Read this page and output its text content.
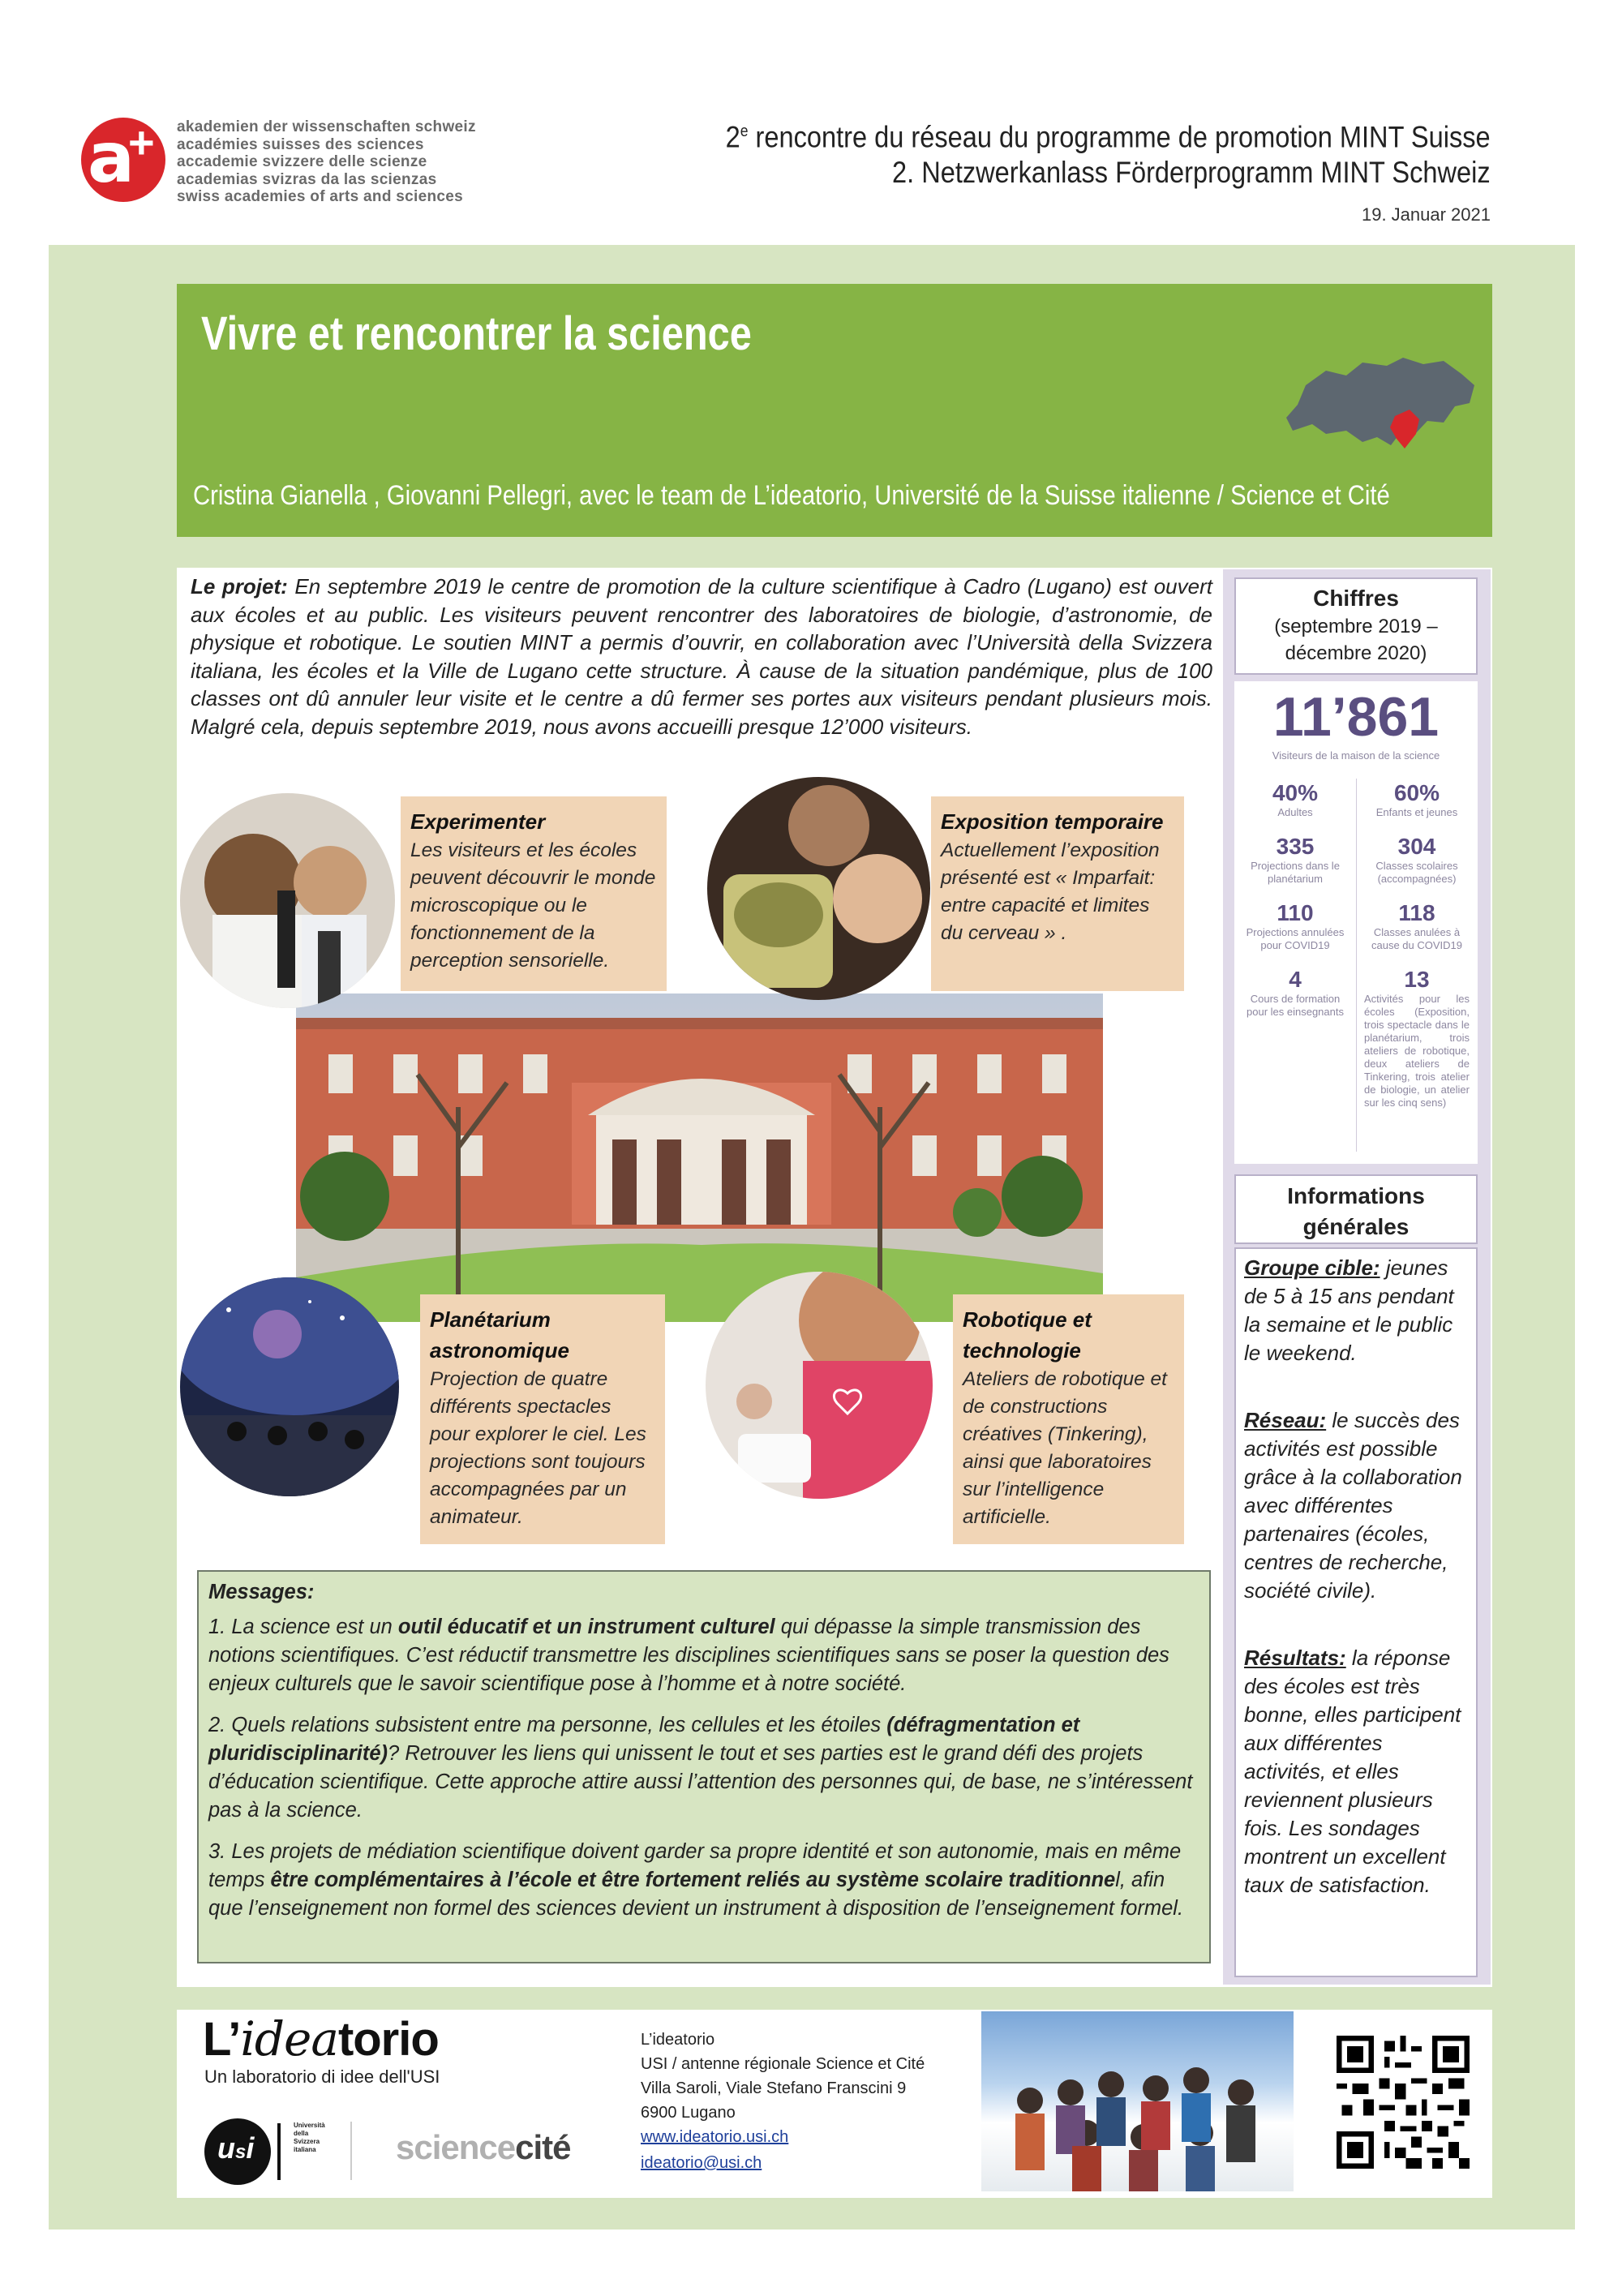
a
+ akademien der wissenschaften schweiz
académies suisses des sciences
accademie svizzere delle scienze
academias svizras da las scienzas
swiss academies of arts and sciences
2e rencontre du réseau du programme de promotion MINT Suisse
2. Netzwerkanlass Förderprogramm MINT Schweiz
19. Januar 2021
Vivre et rencontrer la science
Cristina Gianella , Giovanni Pellegri, avec le team de L’ideatorio, Université de la Suisse italienne / Science et Cité
Le projet: En septembre 2019 le centre de promotion de la culture scientifique à Cadro (Lugano) est ouvert aux écoles et au public. Les visiteurs peuvent rencontrer des laboratoires de biologie, d’astronomie, de physique et robotique. Le soutien MINT a permis d’ouvrir, en collaboration avec l’Università della Svizzera italiana, les écoles et la Ville de Lugano cette structure. À cause de la situation pandémique, plus de 100 classes ont dû annuler leur visite et le centre a dû fermer ses portes aux visiteurs pendant plusieurs mois. Malgré cela, depuis septembre 2019, nous avons accueilli presque 12’000 visiteurs.
Experimenter
Les visiteurs et les écoles peuvent découvrir le monde microscopique ou le fonctionnement de la perception sensorielle.
Exposition temporaire
Actuellement l’exposition présenté est « Imparfait: entre capacité et limites du cerveau » .
Planétarium astronomique
Projection de quatre différents spectacles pour explorer le ciel. Les projections sont toujours accompagnées par un animateur.
Robotique et technologie
Ateliers de robotique et de constructions créatives (Tinkering), ainsi que laboratoires sur l’intelligence artificielle.

Messages:

1. La science est un outil éducatif et un instrument culturel qui dépasse la simple transmission des notions scientifiques. C’est réductif transmettre les disciplines scientifiques sans se poser la question des enjeux culturels que le savoir scientifique pose à l’homme et à notre société.

2. Quels relations subsistent entre ma personne, les cellules et les étoiles (défragmentation et pluridisciplinarité)? Retrouver les liens qui unissent le tout et ses parties est le grand défi des projets d’éducation scientifique. Cette approche attire aussi l’attention des personnes qui, de base, ne s’intéressent pas à la science.

3. Les projets de médiation scientifique doivent garder sa propre identité et son autonomie, mais en même temps être complémentaires à l’école et être fortement reliés au système scolaire traditionnel, afin que l’enseignement non formel des sciences devient un instrument à disposition de l’enseignement formel.

Chiffres
(septembre 2019 – décembre 2020)
11’861
Visiteurs de la maison de la science
40%
Adultes
60%
Enfants et jeunes
335
Projections dans le planétarium
304
Classes scolaires (accompagnées)
110
Projections annulées pour COVID19
118
Classes anulées à cause du COVID19
4
Cours de formation pour les einsegnants
13
Activités pour les écoles (Exposition, trois spectacle dans le planétarium, trois ateliers de robotique, deux ateliers de Tinkering, trois atelier de biologie, un atelier sur les cinq sens)
Informations générales
Groupe cible: jeunes de 5 à 15 ans pendant la semaine et le public le weekend.
Réseau: le succès des activités est possible grâce à la collaboration avec différentes partenaires (écoles, centres de recherche, société civile).
Résultats: la réponse des écoles est très bonne, elles participent aux différentes activités, et elles reviennent plusieurs fois. Les sondages montrent un excellent taux de satisfaction.
L’ideatorio
Un laboratorio di idee dell'USI
usi
Università
della
Svizzera
italiana sciencecité
L’ideatorio
USI / antenne régionale Science et Cité
Villa Saroli, Viale Stefano Franscini 9
6900 Lugano
www.ideatorio.usi.ch
ideatorio@usi.ch
